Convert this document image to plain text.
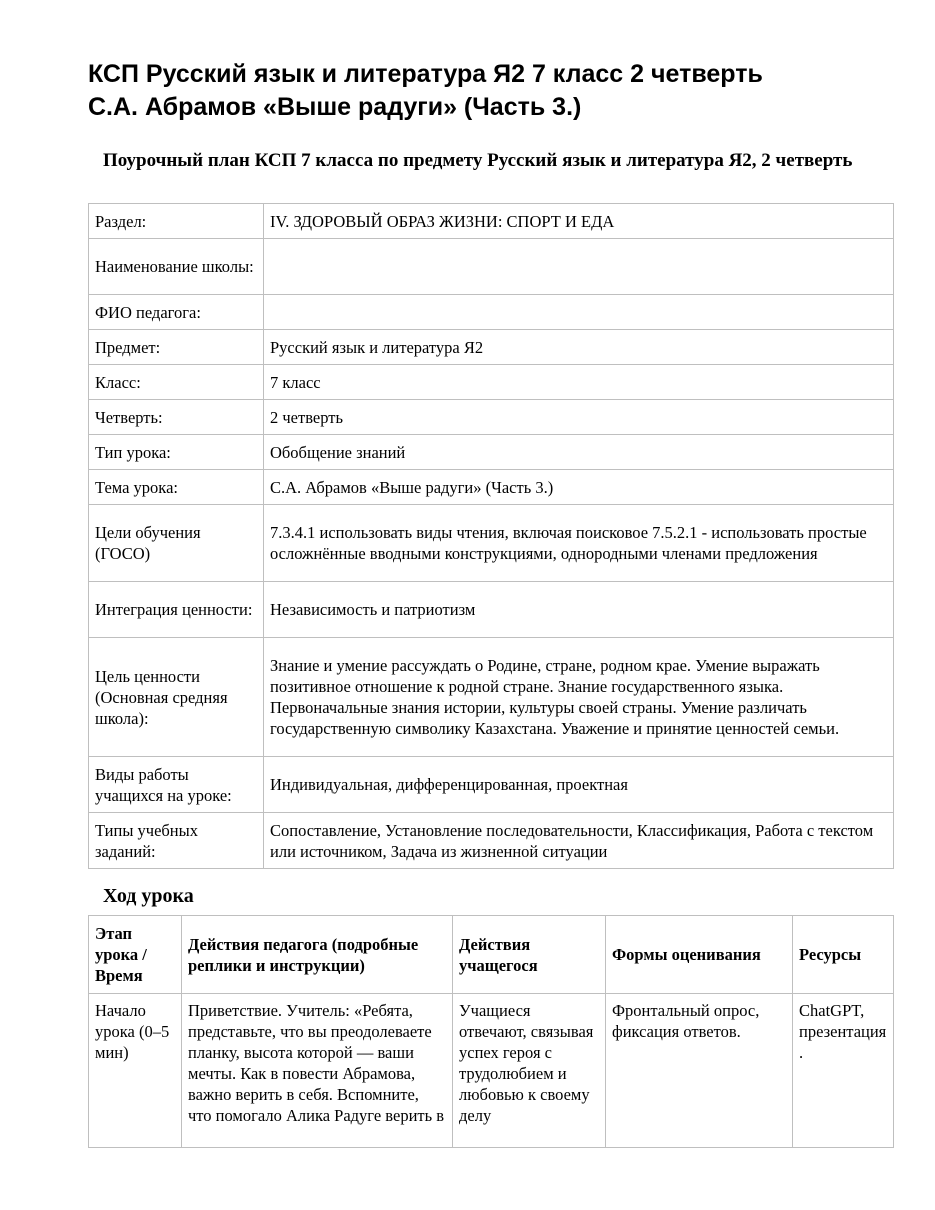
КСП Русский язык и литература Я2 7 класс 2 четверть
С.А. Абрамов «Выше радуги» (Часть 3.)
Поурочный план КСП 7 класса по предмету Русский язык и литература Я2, 2 четверть
Раздел:	IV. ЗДОРОВЫЙ ОБРАЗ ЖИЗНИ: СПОРТ И ЕДА
Наименование школы:	
ФИО педагога:	
Предмет:	Русский язык и литература Я2
Класс:	7 класс
Четверть:	2 четверть
Тип урока:	Обобщение знаний
Тема урока:	С.А. Абрамов «Выше радуги» (Часть 3.)
Цели обучения (ГОСО)	7.3.4.1 использовать виды чтения, включая поисковое 7.5.2.1 - использовать простые осложнённые вводными конструкциями, однородными членами предложения
Интеграция ценности:	Независимость и патриотизм
Цель ценности (Основная средняя школа):	Знание и умение рассуждать о Родине, стране, родном крае. Умение выражать позитивное отношение к родной стране. Знание государственного языка. Первоначальные знания истории, культуры своей страны. Умение различать государственную символику Казахстана. Уважение и принятие ценностей семьи.
Виды работы учащихся на уроке:	Индивидуальная, дифференцированная, проектная
Типы учебных заданий:	Сопоставление, Установление последовательности, Классификация, Работа с текстом или источником, Задача из жизненной ситуации
Ход урока
Этап урока / Время	Действия педагога (подробные реплики и инструкции)	Действия учащегося	Формы оценивания	Ресурсы

Начало урока (0–5 мин)	Приветствие. Учитель: «Ребята, представьте, что вы преодолеваете планку, высота которой — ваши мечты. Как в повести Абрамова, важно верить в себя. Вспомните, что помогало Алика Радуге верить в	Учащиеся отвечают, связывая успех героя с трудолюбием и любовью к своему делу	Фронтальный опрос, фиксация ответов.	ChatGPT, презентация.
